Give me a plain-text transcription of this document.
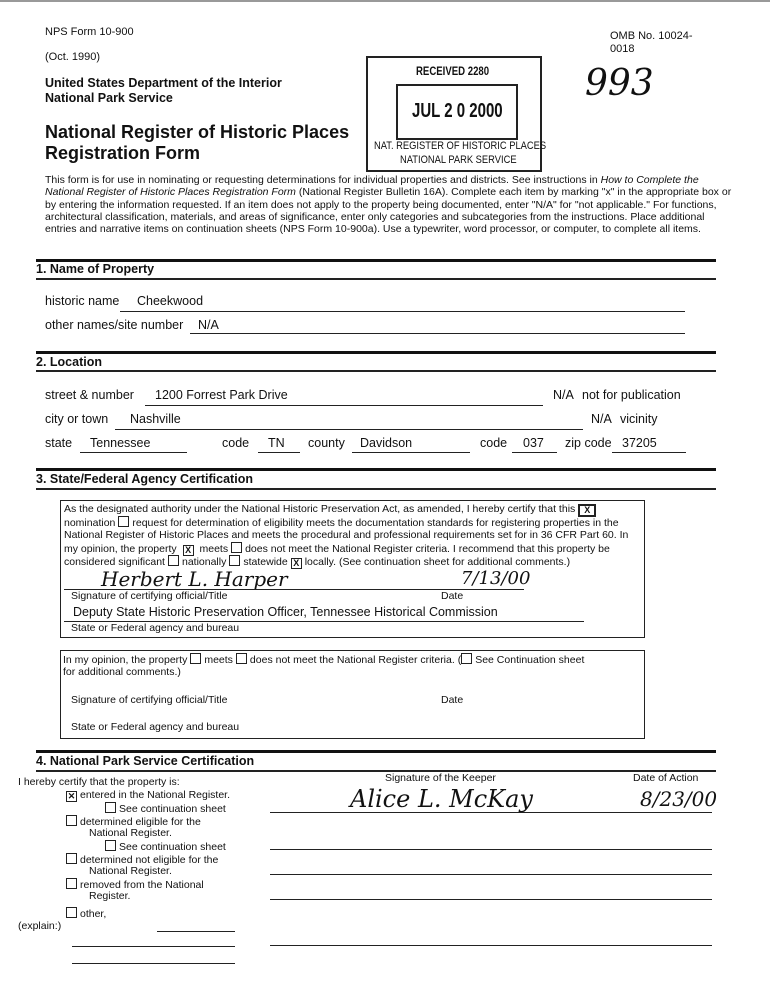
NPS Form 10-900
(Oct. 1990)
OMB No. 10024-
0018
United States Department of the Interior
National Park Service
National Register of Historic Places
Registration Form
993
RECEIVED 2280
JUL 2 0 2000
NAT. REGISTER OF HISTORIC PLACES
NATIONAL PARK SERVICE
This form is for use in nominating or requesting determinations for individual properties and districts. See instructions in How to Complete the National Register of Historic Places Registration Form (National Register Bulletin 16A). Complete each item by marking "x" in the appropriate box or by entering the information requested. If an item does not apply to the property being documented, enter "N/A" for "not applicable." For functions, architectural classification, materials, and areas of significance, enter only categories and subcategories from the instructions. Place additional entries and narrative items on continuation sheets (NPS Form 10-900a). Use a typewriter, word processor, or computer, to complete all items.
1. Name of Property
historic name Cheekwood
other names/site number N/A
2. Location
street & number 1200 Forrest Park Drive	N/A not for publication
city or town Nashville	N/A vicinity
state Tennessee	code TN county Davidson	code 037 zip code 37205
3. State/Federal Agency Certification
As the designated authority under the National Historic Preservation Act, as amended, I hereby certify that this X
nomination request for determination of eligibility meets the documentation standards for registering properties in the
National Register of Historic Places and meets the procedural and professional requirements set for in 36 CFR Part 60. In
my opinion, the property X meets does not meet the National Register criteria. I recommend that this property be
considered significant nationally statewide X locally. (See continuation sheet for additional comments.)
Herbert L. Harper	7/13/00
Signature of certifying official/Title	Date
Deputy State Historic Preservation Officer, Tennessee Historical Commission
State or Federal agency and bureau
In my opinion, the property meets does not meet the National Register criteria. ( See Continuation sheet
for additional comments.)
Signature of certifying official/Title	Date
State or Federal agency and bureau
4. National Park Service Certification
I hereby certify that the property is:
✕ entered in the National Register.
See continuation sheet
determined eligible for the
National Register.
See continuation sheet
determined not eligible for the
National Register.
removed from the National
Register.
other,
(explain:)
Signature of the Keeper	Date of Action
Alice L. McKay	8/23/00
